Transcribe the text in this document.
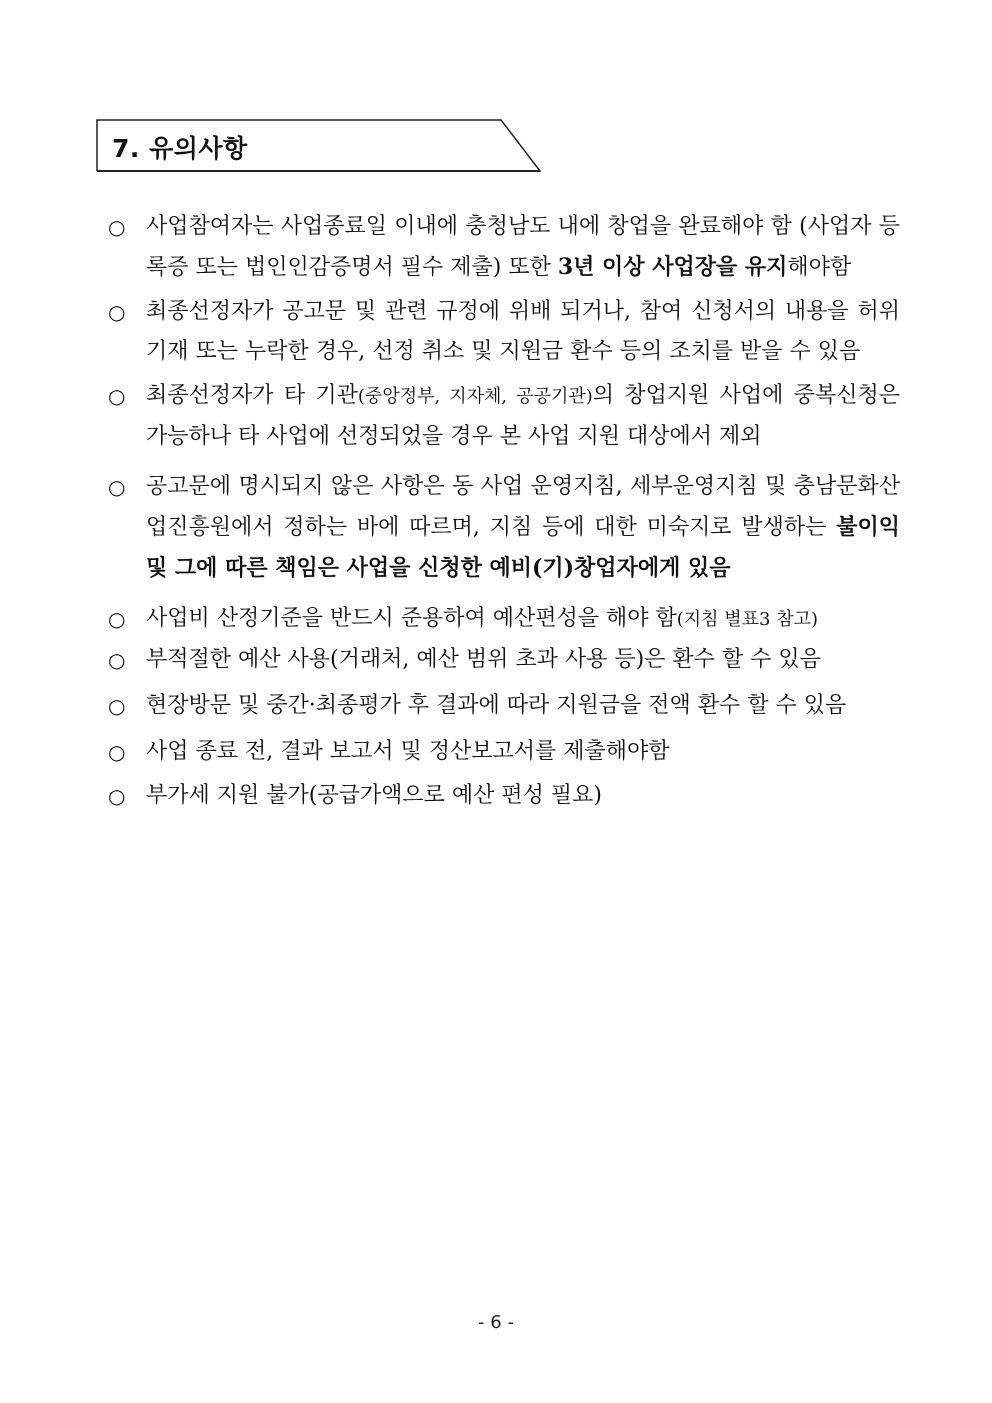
7. 유의사항
○ 사업참여자는 사업종료일 이내에 충청남도 내에 창업을 완료해야 함 (사업자 등록증 또는 법인인감증명서 필수 제출) 또한 3년 이상 사업장을 유지해야함
○ 최종선정자가 공고문 및 관련 규정에 위배 되거나, 참여 신청서의 내용을 허위 기재 또는 누락한 경우, 선정 취소 및 지원금 환수 등의 조치를 받을 수 있음
○ 최종선정자가 타 기관(중앙정부, 지자체, 공공기관)의 창업지원 사업에 중복신청은 가능하나 타 사업에 선정되었을 경우 본 사업 지원 대상에서 제외
○ 공고문에 명시되지 않은 사항은 동 사업 운영지침, 세부운영지침 및 충남문화산업진흥원에서 정하는 바에 따르며, 지침 등에 대한 미숙지로 발생하는 불이익 및 그에 따른 책임은 사업을 신청한 예비(기)창업자에게 있음
○ 사업비 산정기준을 반드시 준용하여 예산편성을 해야 함(지침 별표3 참고)
○ 부적절한 예산 사용(거래처, 예산 범위 초과 사용 등)은 환수 할 수 있음
○ 현장방문 및 중간·최종평가 후 결과에 따라 지원금을 전액 환수 할 수 있음
○ 사업 종료 전, 결과 보고서 및 정산보고서를 제출해야함
○ 부가세 지원 불가(공급가액으로 예산 편성 필요)
- 6 -
